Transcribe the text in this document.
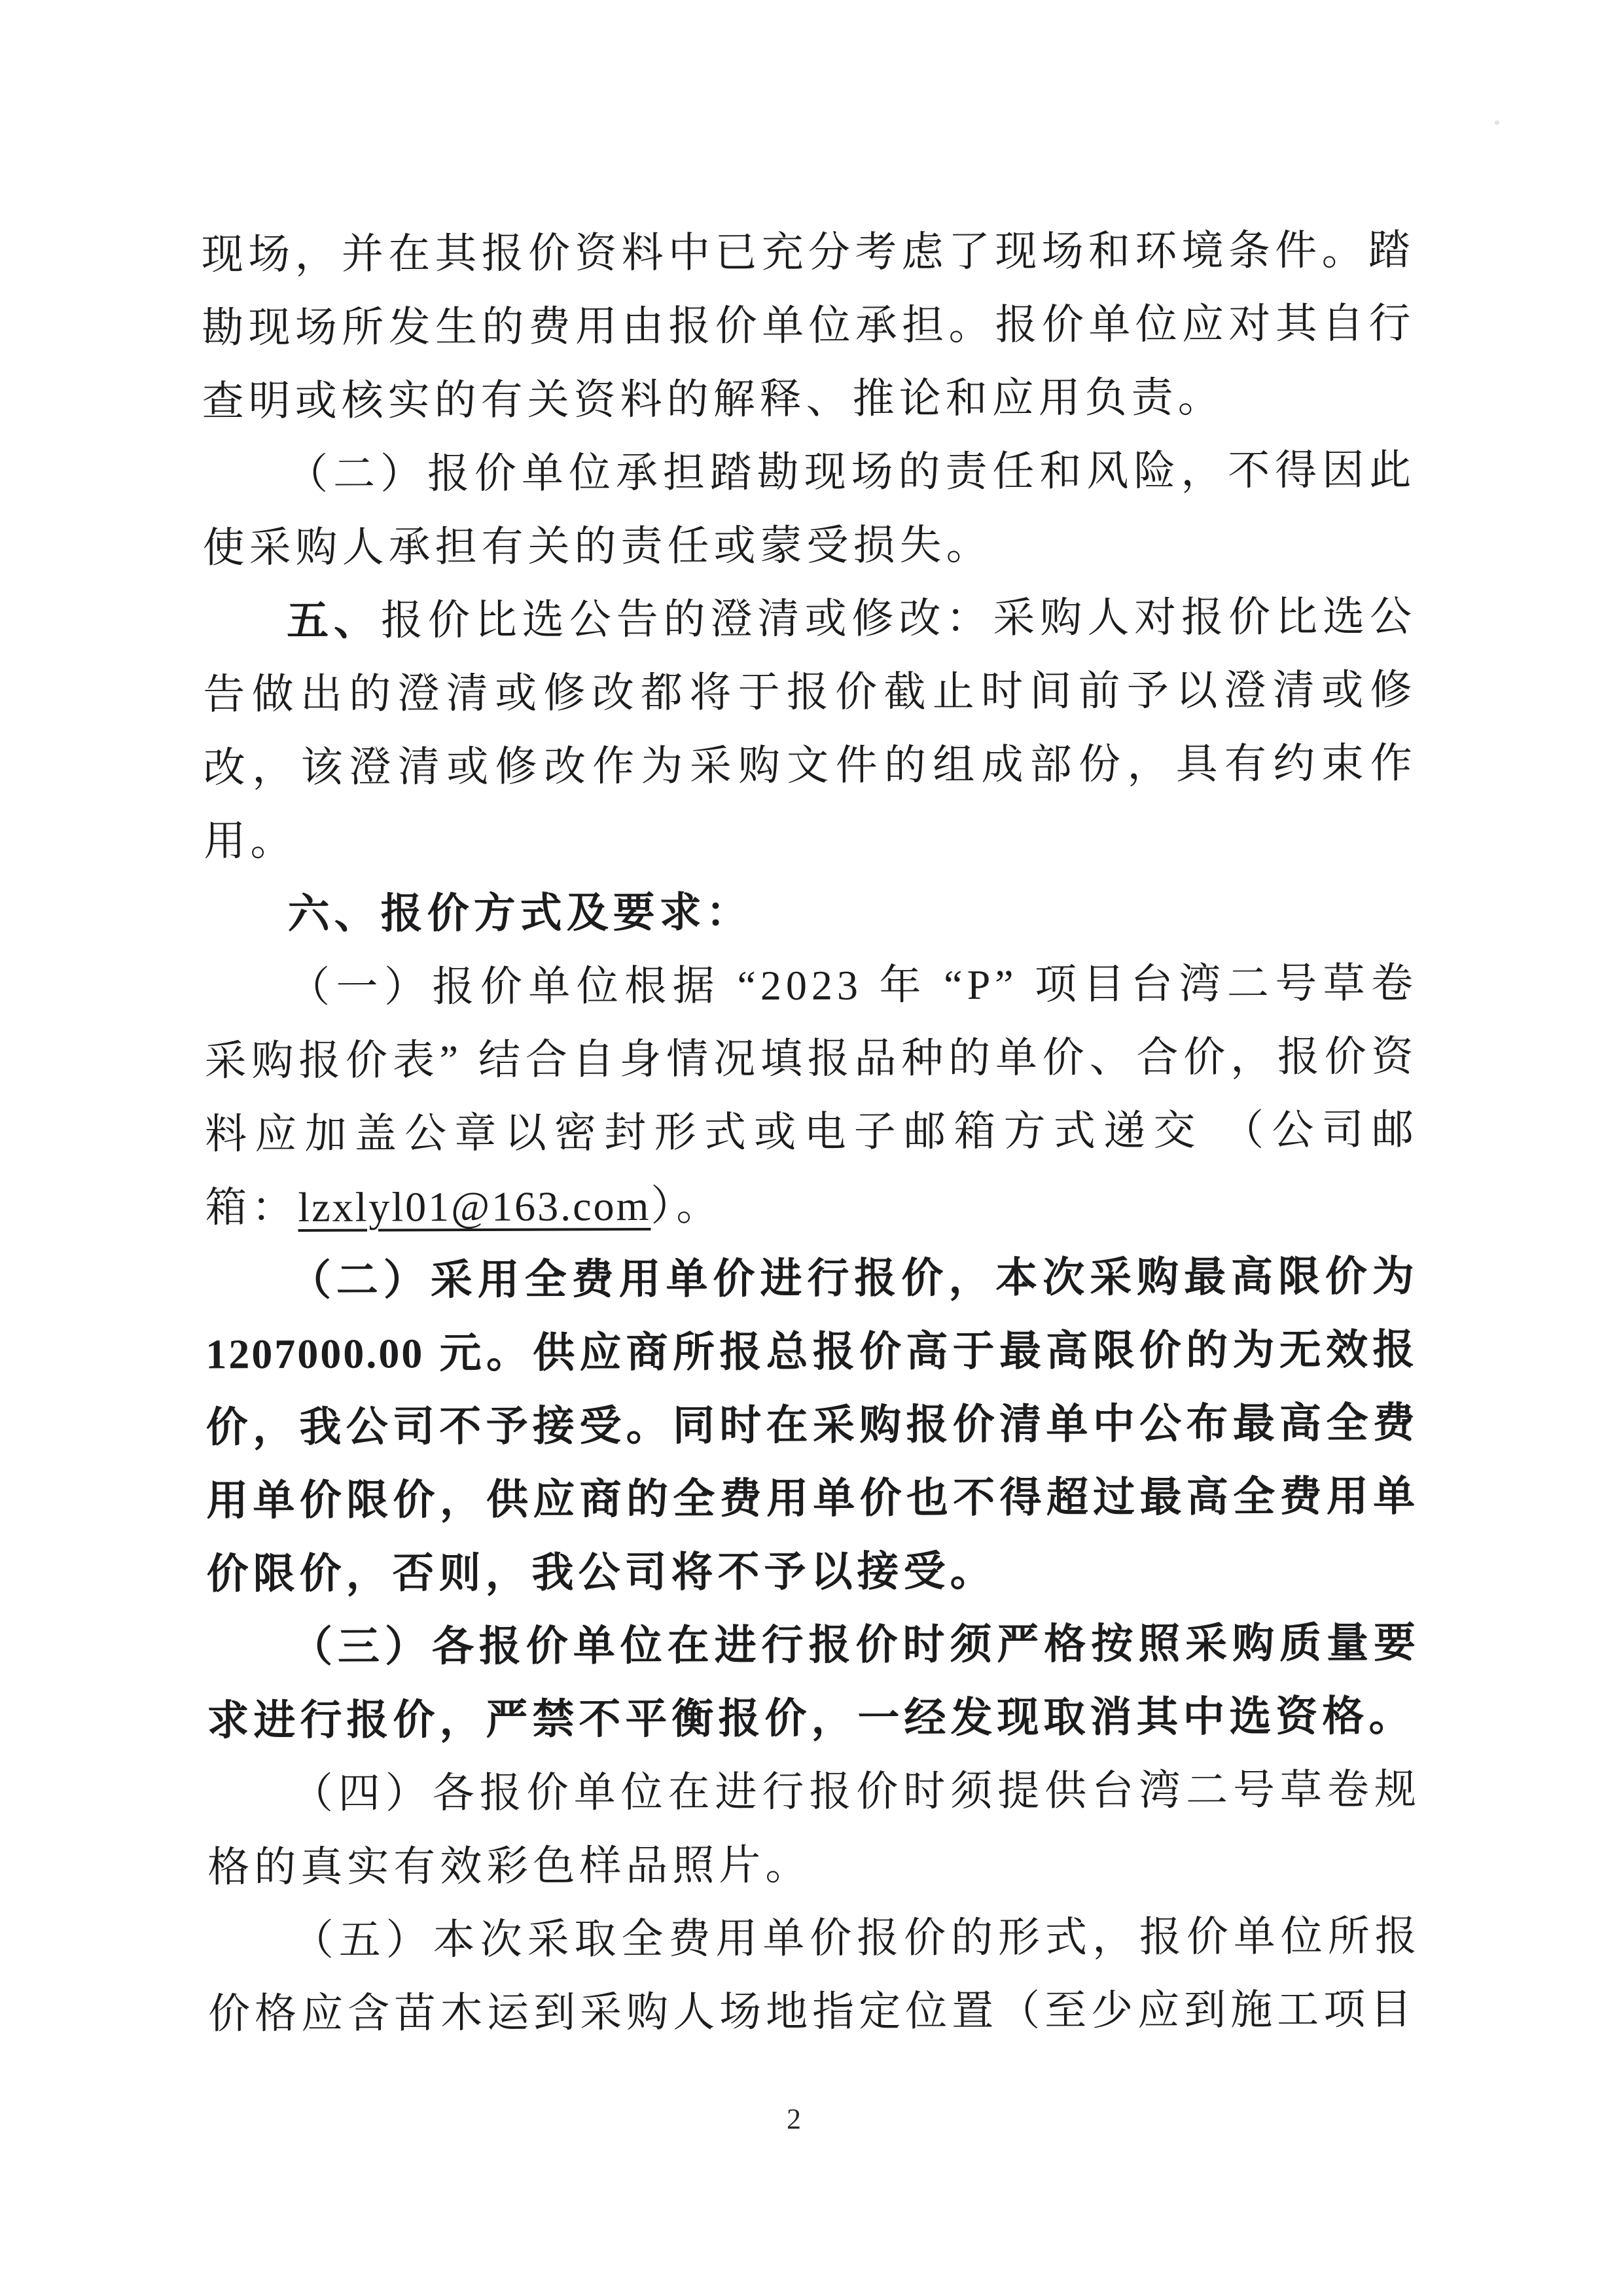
现场，并在其报价资料中已充分考虑了现场和环境条件。踏勘现场所发生的费用由报价单位承担。报价单位应对其自行查明或核实的有关资料的解释、推论和应用负责。

（二）报价单位承担踏勘现场的责任和风险，不得因此使采购人承担有关的责任或蒙受损失。

五、报价比选公告的澄清或修改：采购人对报价比选公告做出的澄清或修改都将于报价截止时间前予以澄清或修改，该澄清或修改作为采购文件的组成部份，具有约束作用。

六、报价方式及要求：

（一）报价单位根据 “2023 年 “P” 项目台湾二号草卷采购报价表” 结合自身情况填报品种的单价、合价，报价资料应加盖公章以密封形式或电子邮箱方式递交 （公司邮箱：lzxlyl01@163.com）。

（二）采用全费用单价进行报价，本次采购最高限价为1207000.00 元。供应商所报总报价高于最高限价的为无效报价，我公司不予接受。同时在采购报价清单中公布最高全费用单价限价，供应商的全费用单价也不得超过最高全费用单价限价，否则，我公司将不予以接受。

（三）各报价单位在进行报价时须严格按照采购质量要求进行报价，严禁不平衡报价，一经发现取消其中选资格。

（四）各报价单位在进行报价时须提供台湾二号草卷规格的真实有效彩色样品照片。

（五）本次采取全费用单价报价的形式，报价单位所报价格应含苗木运到采购人场地指定位置（至少应到施工项目

2
